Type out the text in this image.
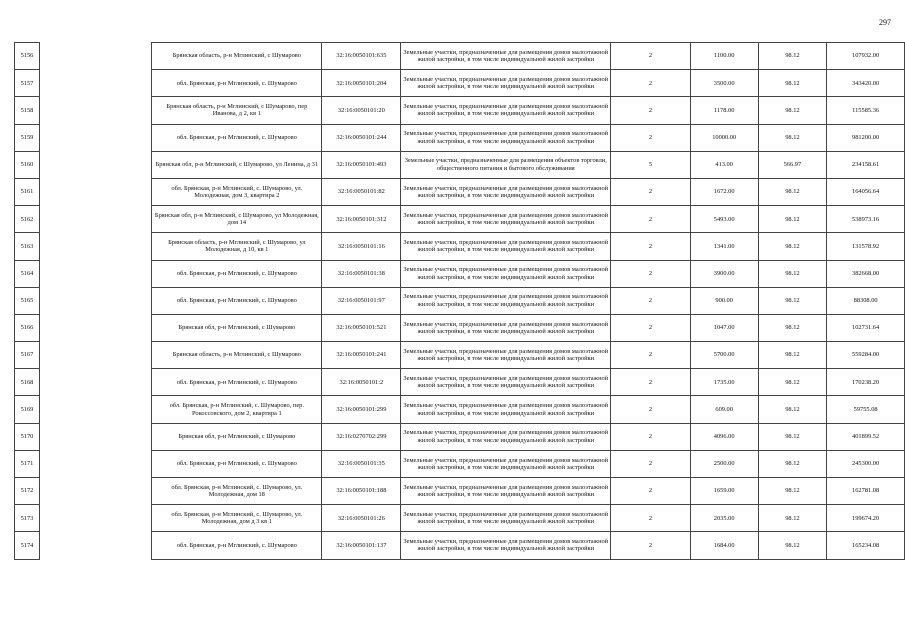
297
5156		Брянская область, р-н Мглинский, с Шумарово	32:16:0050101:635	Земельные участки, предназначенные для размещения домов малоэтажной жилой застройки, в том числе индивидуальной жилой застройки	2	1100.00	98.12	107932.00
5157		обл. Брянская, р-н Мглинский, с. Шумарово	32:16:0050101:204	Земельные участки, предназначенные для размещения домов малоэтажной жилой застройки, в том числе индивидуальной жилой застройки	2	3500.00	98.12	343420.00
5158		Брянская область, р-н Мглинский, с Шумарово, пер Иванова, д 2, кв 1	32:16:0050101:20	Земельные участки, предназначенные для размещения домов малоэтажной жилой застройки, в том числе индивидуальной жилой застройки	2	1178.00	98.12	115585.36
5159		обл. Брянская, р-н Мглинский, с. Шумарово	32:16:0050101:244	Земельные участки, предназначенные для размещения домов малоэтажной жилой застройки, в том числе индивидуальной жилой застройки	2	10000.00	98.12	981200.00
5160		Брянская обл, р-н Мглинский, с Шумарово, ул Ленина, д 31	32:16:0050101:493	Земельные участки, предназначенные для размещения объектов торговли, общественного питания и бытового обслуживания	5	413.00	566.97	234158.61
5161		обл. Брянская, р-н Мглинский, с. Шумарово, ул. Молодежная, дом 3, квартира 2	32:16:0050101:82	Земельные участки, предназначенные для размещения домов малоэтажной жилой застройки, в том числе индивидуальной жилой застройки	2	1672.00	98.12	164056.64
5162		Брянская обл, р-н Мглинский, с Шумарово, ул Молодежная, дом 14	32:16:0050101:312	Земельные участки, предназначенные для размещения домов малоэтажной жилой застройки, в том числе индивидуальной жилой застройки	2	5493.00	98.12	538973.16
5163		Брянская область, р-н Мглинский, с Шумарово, ул Молодежная, д 10, кв 1	32:16:0050101:16	Земельные участки, предназначенные для размещения домов малоэтажной жилой застройки, в том числе индивидуальной жилой застройки	2	1341.00	98.12	131578.92
5164		обл. Брянская, р-н Мглинский, с. Шумарово	32:16:0050101:38	Земельные участки, предназначенные для размещения домов малоэтажной жилой застройки, в том числе индивидуальной жилой застройки	2	3900.00	98.12	382668.00
5165		обл. Брянская, р-н Мглинский, с. Шумарово	32:16:0050101:97	Земельные участки, предназначенные для размещения домов малоэтажной жилой застройки, в том числе индивидуальной жилой застройки	2	900.00	98.12	88308.00
5166		Брянская обл, р-н Мглинский, с Шумарово	32:16:0050101:521	Земельные участки, предназначенные для размещения домов малоэтажной жилой застройки, в том числе индивидуальной жилой застройки	2	1047.00	98.12	102731.64
5167		Брянская область, р-н Мглинский, с Шумарово	32:16:0050101:241	Земельные участки, предназначенные для размещения домов малоэтажной жилой застройки, в том числе индивидуальной жилой застройки	2	5700.00	98.12	559284.00
5168		обл. Брянская, р-н Мглинский, с. Шумарово	32:16:0050101:2	Земельные участки, предназначенные для размещения домов малоэтажной жилой застройки, в том числе индивидуальной жилой застройки	2	1735.00	98.12	170238.20
5169		обл. Брянская, р-н Мглинский, с. Шумарово, пер. Рокоссовского, дом 2, квартира 1	32:16:0050101:299	Земельные участки, предназначенные для размещения домов малоэтажной жилой застройки, в том числе индивидуальной жилой застройки	2	609.00	98.12	59755.08
5170		Брянская обл, р-н Мглинский, с Шумарово	32:16:0270702:299	Земельные участки, предназначенные для размещения домов малоэтажной жилой застройки, в том числе индивидуальной жилой застройки	2	4096.00	98.12	401899.52
5171		обл. Брянская, р-н Мглинский, с. Шумарово	32:16:0050101:35	Земельные участки, предназначенные для размещения домов малоэтажной жилой застройки, в том числе индивидуальной жилой застройки	2	2500.00	98.12	245300.00
5172		обл. Брянская, р-н Мглинский, с. Шумарово, ул. Молодежная, дом 18	32:16:0050101:188	Земельные участки, предназначенные для размещения домов малоэтажной жилой застройки, в том числе индивидуальной жилой застройки	2	1659.00	98.12	162781.08
5173		обл. Брянская, р-н Мглинский, с. Шумарово, ул. Молодежная, дом д 3 кв 1	32:16:0050101:26	Земельные участки, предназначенные для размещения домов малоэтажной жилой застройки, в том числе индивидуальной жилой застройки	2	2035.00	98.12	199674.20
5174		обл. Брянская, р-н Мглинский, с. Шумарово	32:16:0050101:137	Земельные участки, предназначенные для размещения домов малоэтажной жилой застройки, в том числе индивидуальной жилой застройки	2	1684.00	98.12	165234.08
